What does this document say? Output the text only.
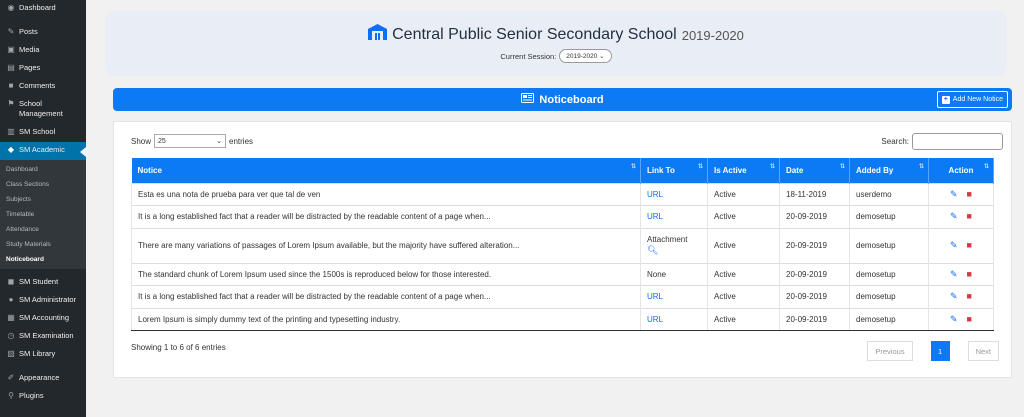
◉ Dashboard
✎ Posts
▣ Media
▤ Pages
■ Comments
⚑ School Management
▥ SM School
◆ SM Academic
Dashboard
Class Sections
Subjects
Timetable
Attendance
Study Materials
Noticeboard
◼ SM Student
● SM Administrator
▦ SM Accounting
◷ SM Examination
▧ SM Library
✐ Appearance
⚲ Plugins
Central Public Senior Secondary School 2019-2020
Current Session:	2019-2020 ⌄
Noticeboard	+ Add New Notice
Show 25	⌄ entries	Search:
Notice ⇅	Link To ⇅	Is Active ⇅	Date ⇅	Added By ⇅	Action ⇅

Esta es una nota de prueba para ver que tal de ven	URL	Active	18-11-2019	userdemo	✎ ■

It is a long established fact that a reader will be distracted by the readable content of a page when...	URL	Active	20-09-2019	demosetup	✎ ■

There are many variations of passages of Lorem Ipsum available, but the majority have suffered alteration...	Attachment
🔍︎	Active	20-09-2019	demosetup	✎ ■

The standard chunk of Lorem Ipsum used since the 1500s is reproduced below for those interested.	None	Active	20-09-2019	demosetup	✎ ■

It is a long established fact that a reader will be distracted by the readable content of a page when...	URL	Active	20-09-2019	demosetup	✎ ■

Lorem Ipsum is simply dummy text of the printing and typesetting industry.	URL	Active	20-09-2019	demosetup	✎ ■
Showing 1 to 6 of 6 entries	Previous	1	Next
